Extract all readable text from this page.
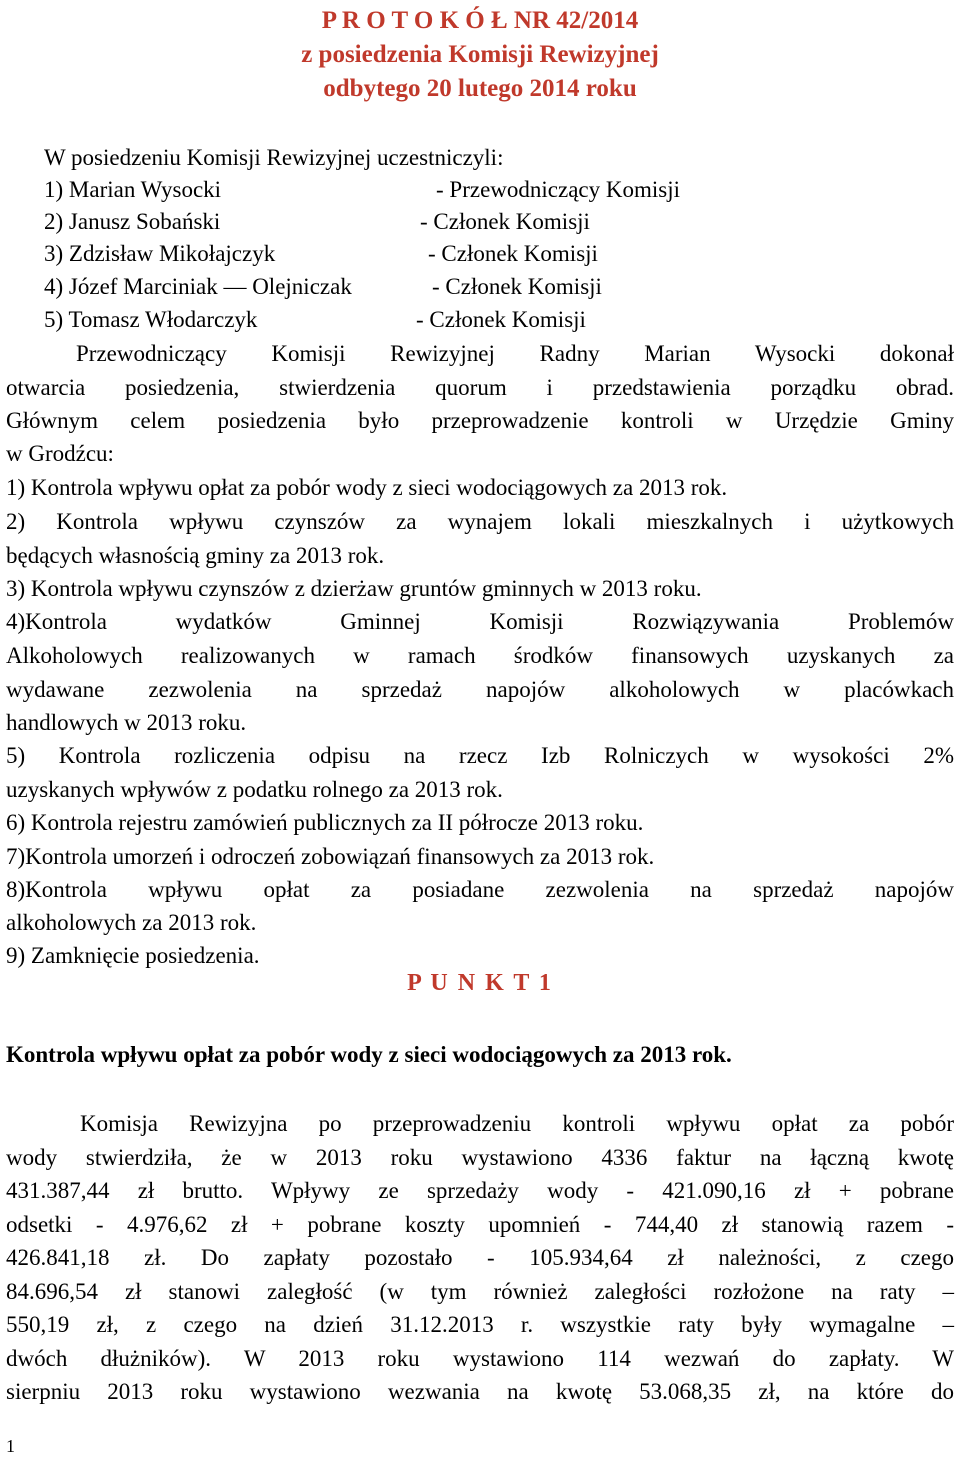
P R O T O K Ó Ł NR 42/2014
z posiedzenia Komisji Rewizyjnej
odbytego 20 lutego 2014 roku
W posiedzeniu Komisji Rewizyjnej uczestniczyli:
1) Marian Wysocki	- Przewodniczący Komisji
2) Janusz Sobański	- Członek Komisji
3) Zdzisław Mikołajczyk	- Członek Komisji
4) Józef Marciniak — Olejniczak	- Członek Komisji
5) Tomasz Włodarczyk	- Członek Komisji
Przewodniczący Komisji Rewizyjnej Radny Marian Wysocki dokonał
otwarcia posiedzenia, stwierdzenia quorum i przedstawienia porządku obrad.
Głównym celem posiedzenia było przeprowadzenie kontroli w Urzędzie Gminy
w Grodźcu:
1) Kontrola wpływu opłat za pobór wody z sieci wodociągowych za 2013 rok.
2) Kontrola wpływu czynszów za wynajem lokali mieszkalnych i użytkowych
będących własnością gminy za 2013 rok.
3) Kontrola wpływu czynszów z dzierżaw gruntów gminnych w 2013 roku.
4)Kontrola wydatków Gminnej Komisji Rozwiązywania Problemów
Alkoholowych realizowanych w ramach środków finansowych uzyskanych za
wydawane zezwolenia na sprzedaż napojów alkoholowych w placówkach
handlowych w 2013 roku.
5) Kontrola rozliczenia odpisu na rzecz Izb Rolniczych w wysokości 2%
uzyskanych wpływów z podatku rolnego za 2013 rok.
6) Kontrola rejestru zamówień publicznych za II półrocze 2013 roku.
7)Kontrola umorzeń i odroczeń zobowiązań finansowych za 2013 rok.
8)Kontrola wpływu opłat za posiadane zezwolenia na sprzedaż napojów
alkoholowych za 2013 rok.
9) Zamknięcie posiedzenia.
P U N K T 1
Kontrola wpływu opłat za pobór wody z sieci wodociągowych za 2013 rok.
Komisja Rewizyjna po przeprowadzeniu kontroli wpływu opłat za pobór
wody stwierdziła, że w 2013 roku wystawiono 4336 faktur na łączną kwotę
431.387,44 zł brutto. Wpływy ze sprzedaży wody - 421.090,16 zł + pobrane
odsetki - 4.976,62 zł + pobrane koszty upomnień - 744,40 zł stanowią razem -
426.841,18 zł. Do zapłaty pozostało - 105.934,64 zł należności, z czego
84.696,54 zł stanowi zaległość (w tym również zaległości rozłożone na raty –
550,19 zł, z czego na dzień 31.12.2013 r. wszystkie raty były wymagalne –
dwóch dłużników). W 2013 roku wystawiono 114 wezwań do zapłaty. W
sierpniu 2013 roku wystawiono wezwania na kwotę 53.068,35 zł, na które do
1
